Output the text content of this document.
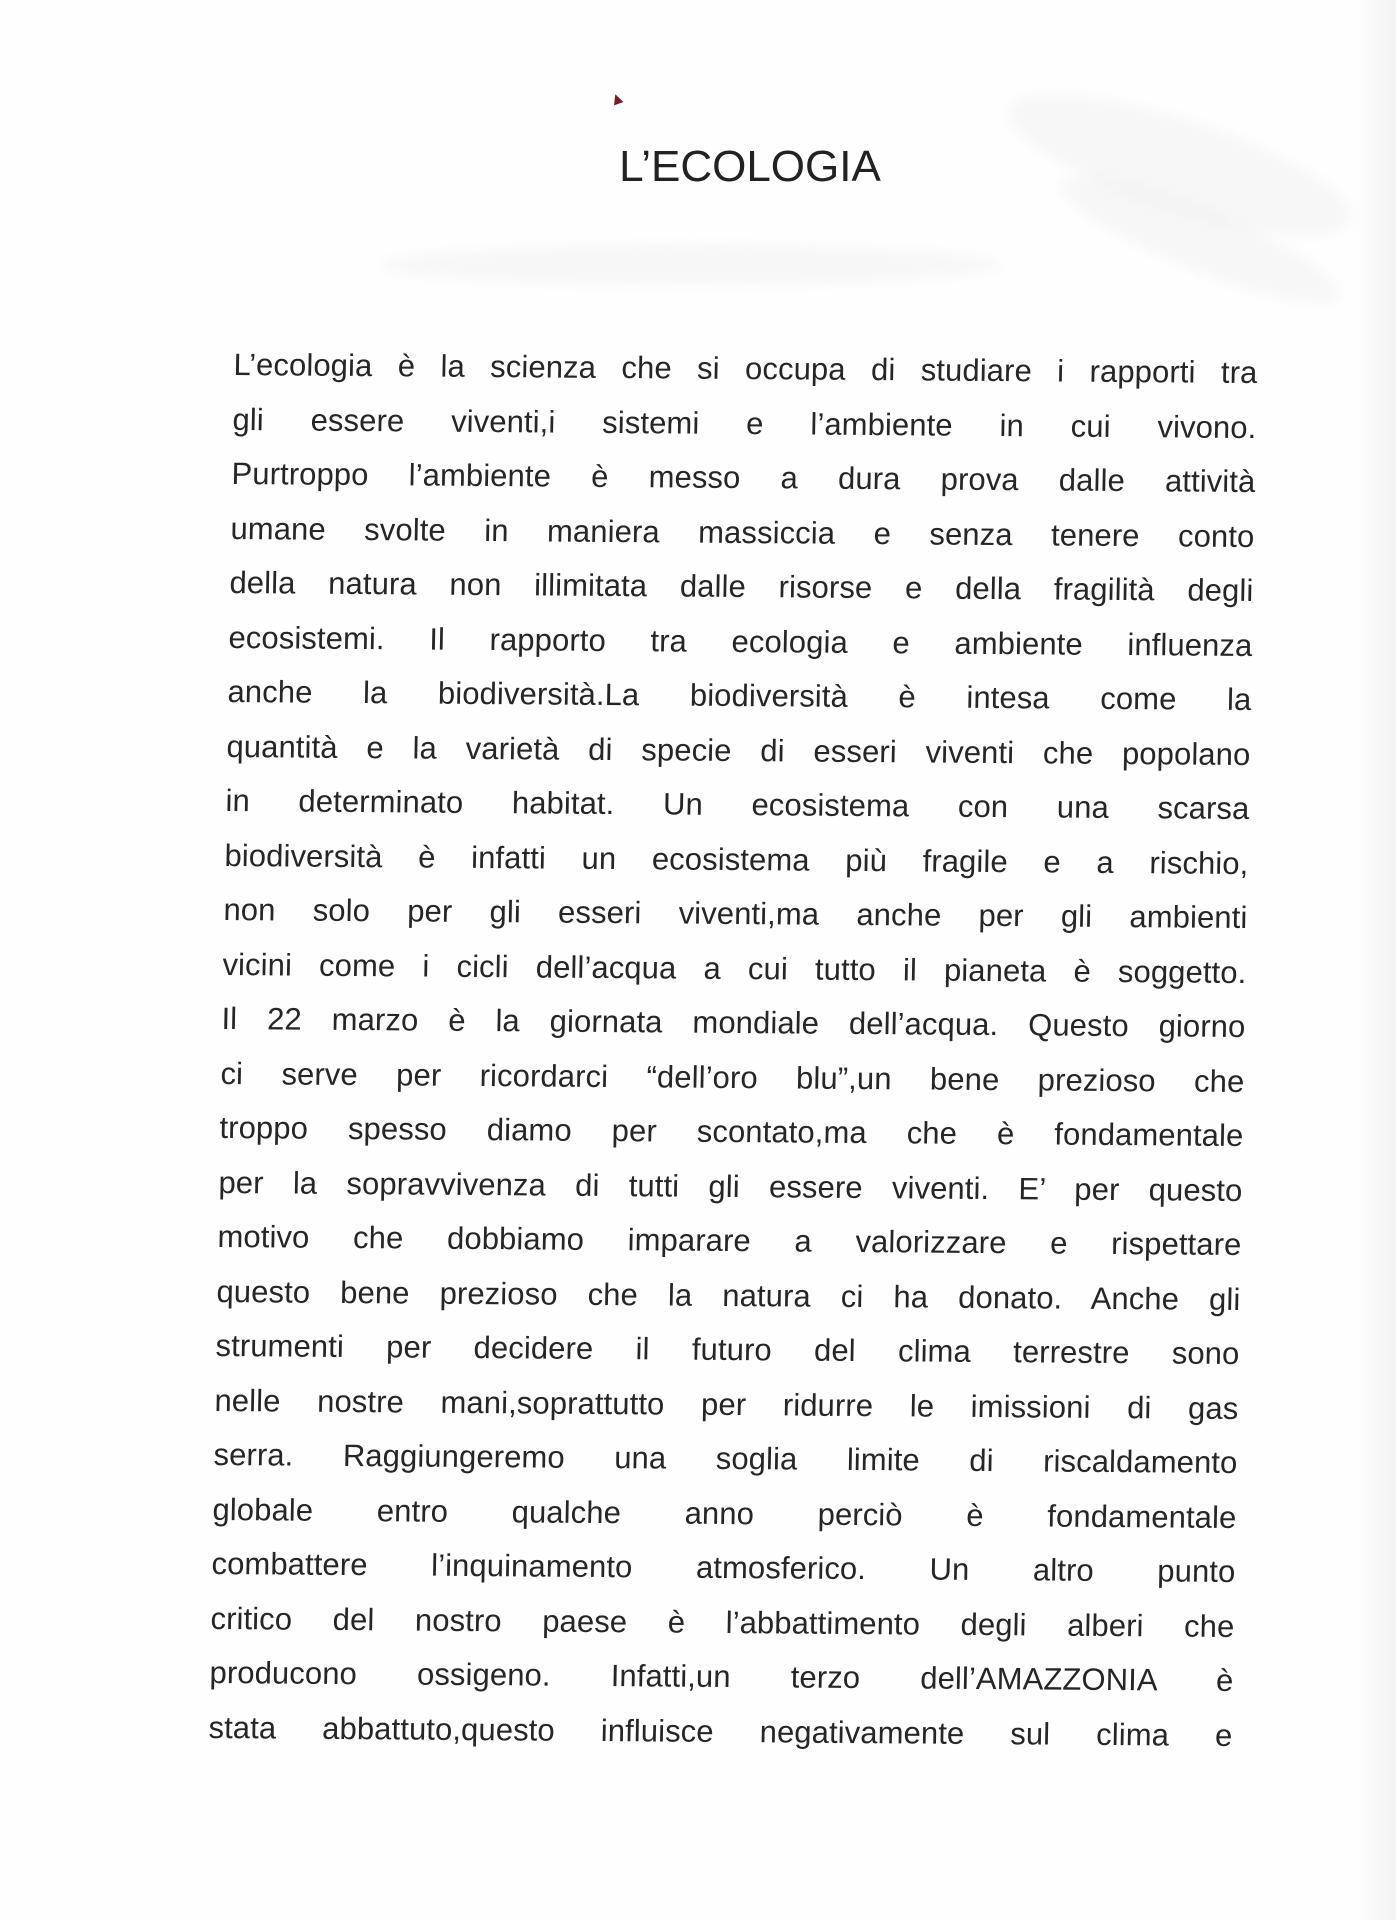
L’ECOLOGIA
L’ecologia è la scienza che si occupa di studiare i rapporti tra
gli essere viventi,i sistemi e l’ambiente in cui vivono.
Purtroppo l’ambiente è messo a dura prova dalle attività
umane svolte in maniera massiccia e senza tenere conto
della natura non illimitata dalle risorse e della fragilità degli
ecosistemi. Il rapporto tra ecologia e ambiente influenza
anche la biodiversità.La biodiversità è intesa come la
quantità e la varietà di specie di esseri viventi che popolano
in determinato habitat. Un ecosistema con una scarsa
biodiversità è infatti un ecosistema più fragile e a rischio,
non solo per gli esseri viventi,ma anche per gli ambienti
vicini come i cicli dell’acqua a cui tutto il pianeta è soggetto.
Il 22 marzo è la giornata mondiale dell’acqua. Questo giorno
ci serve per ricordarci “dell’oro blu”,un bene prezioso che
troppo spesso diamo per scontato,ma che è fondamentale
per la sopravvivenza di tutti gli essere viventi. E’ per questo
motivo che dobbiamo imparare a valorizzare e rispettare
questo bene prezioso che la natura ci ha donato. Anche gli
strumenti per decidere il futuro del clima terrestre sono
nelle nostre mani,soprattutto per ridurre le imissioni di gas
serra. Raggiungeremo una soglia limite di riscaldamento
globale entro qualche anno perciò è fondamentale
combattere l’inquinamento atmosferico. Un altro punto
critico del nostro paese è l’abbattimento degli alberi che
producono ossigeno. Infatti,un terzo dell’AMAZZONIA è
stata abbattuto,questo influisce negativamente sul clima e
